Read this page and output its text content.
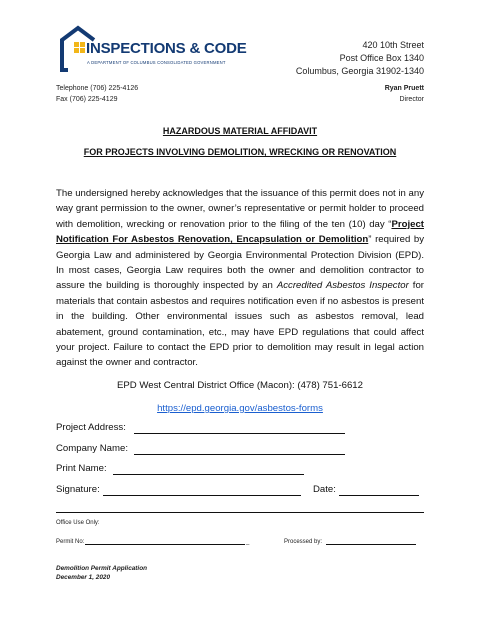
INSPECTIONS & CODE
A DEPARTMENT OF COLUMBUS CONSOLIDATED GOVERNMENT
420 10th Street
Post Office Box 1340
Columbus, Georgia 31902-1340
Telephone (706) 225-4126
Fax (706) 225-4129
Ryan Pruett
Director
HAZARDOUS MATERIAL AFFIDAVIT
FOR PROJECTS INVOLVING DEMOLITION, WRECKING OR RENOVATION
The undersigned hereby acknowledges that the issuance of this permit does not in any way grant permission to the owner, owner’s representative or permit holder to proceed with demolition, wrecking or renovation prior to the filing of the ten (10) day “Project Notification For Asbestos Renovation, Encapsulation or Demolition” required by Georgia Law and administered by Georgia Environmental Protection Division (EPD). In most cases, Georgia Law requires both the owner and demolition contractor to assure the building is thoroughly inspected by an Accredited Asbestos Inspector for materials that contain asbestos and requires notification even if no asbestos is present in the building. Other environmental issues such as asbestos removal, lead abatement, ground contamination, etc., may have EPD regulations that could affect your project. Failure to contact the EPD prior to demolition may result in legal action against the owner and contractor.
EPD West Central District Office (Macon): (478) 751-6612
https://epd.georgia.gov/asbestos-forms
Project Address:
Company Name:
Print Name:
Signature:	Date:
Office Use Only:
Permit No:	_	Processed by:
Demolition Permit Application
December 1, 2020
